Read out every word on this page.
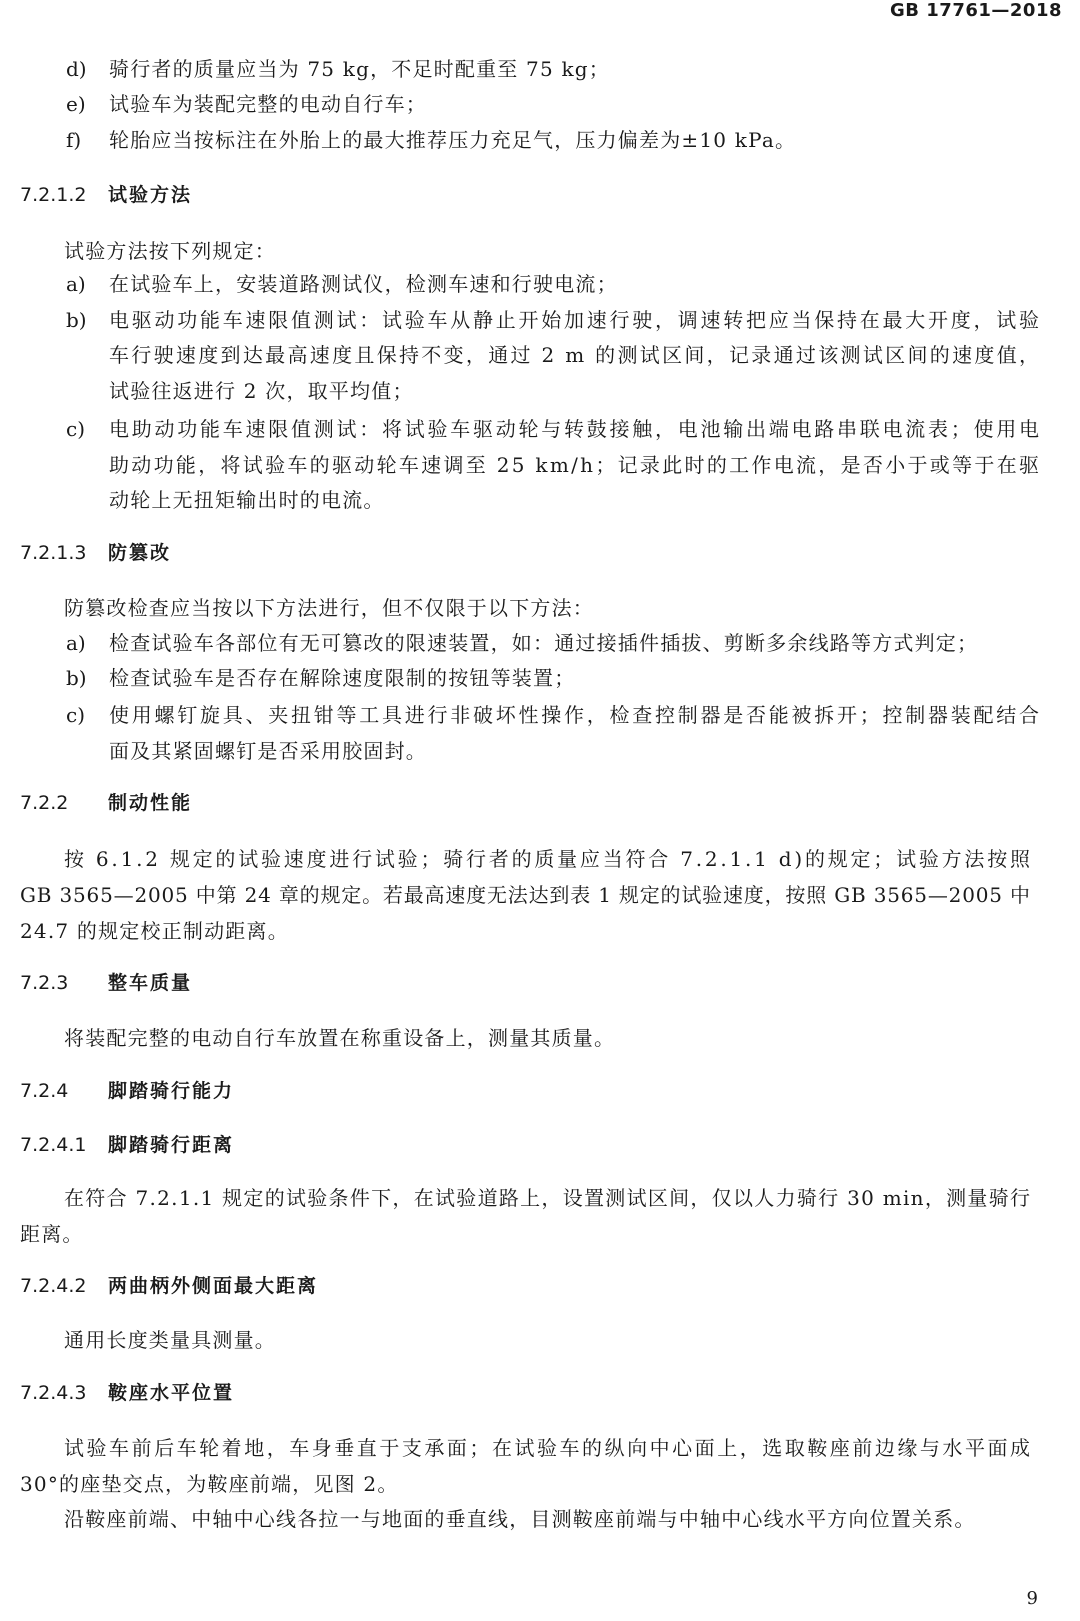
GB 17761—2018
9
d) 骑行者的质量应当为 75 kg，不足时配重至 75 kg；
e) 试验车为装配完整的电动自行车；
f) 轮胎应当按标注在外胎上的最大推荐压力充足气，压力偏差为±10 kPa。
7.2.1.2 试验方法
试验方法按下列规定：
a) 在试验车上，安装道路测试仪，检测车速和行驶电流；
b) 电驱动功能车速限值测试：试验车从静止开始加速行驶，调速转把应当保持在最大开度，试验
车行驶速度到达最高速度且保持不变，通过 2 m 的测试区间，记录通过该测试区间的速度值，
试验往返进行 2 次，取平均值；
c) 电助动功能车速限值测试：将试验车驱动轮与转鼓接触，电池输出端电路串联电流表；使用电
助动功能，将试验车的驱动轮车速调至 25 km/h；记录此时的工作电流，是否小于或等于在驱
动轮上无扭矩输出时的电流。
7.2.1.3 防篡改
防篡改检查应当按以下方法进行，但不仅限于以下方法：
a) 检查试验车各部位有无可篡改的限速装置，如：通过接插件插拔、剪断多余线路等方式判定；
b) 检查试验车是否存在解除速度限制的按钮等装置；
c) 使用螺钉旋具、夹扭钳等工具进行非破坏性操作，检查控制器是否能被拆开；控制器装配结合
面及其紧固螺钉是否采用胶固封。
7.2.2 制动性能
按 6.1.2 规定的试验速度进行试验；骑行者的质量应当符合 7.2.1.1 d)的规定；试验方法按照
GB 3565—2005 中第 24 章的规定。若最高速度无法达到表 1 规定的试验速度，按照 GB 3565—2005 中
24.7 的规定校正制动距离。
7.2.3 整车质量
将装配完整的电动自行车放置在称重设备上，测量其质量。
7.2.4 脚踏骑行能力
7.2.4.1 脚踏骑行距离
在符合 7.2.1.1 规定的试验条件下，在试验道路上，设置测试区间，仅以人力骑行 30 min，测量骑行
距离。
7.2.4.2 两曲柄外侧面最大距离
通用长度类量具测量。
7.2.4.3 鞍座水平位置
试验车前后车轮着地，车身垂直于支承面；在试验车的纵向中心面上，选取鞍座前边缘与水平面成
30°的座垫交点，为鞍座前端，见图 2。
沿鞍座前端、中轴中心线各拉一与地面的垂直线，目测鞍座前端与中轴中心线水平方向位置关系。
